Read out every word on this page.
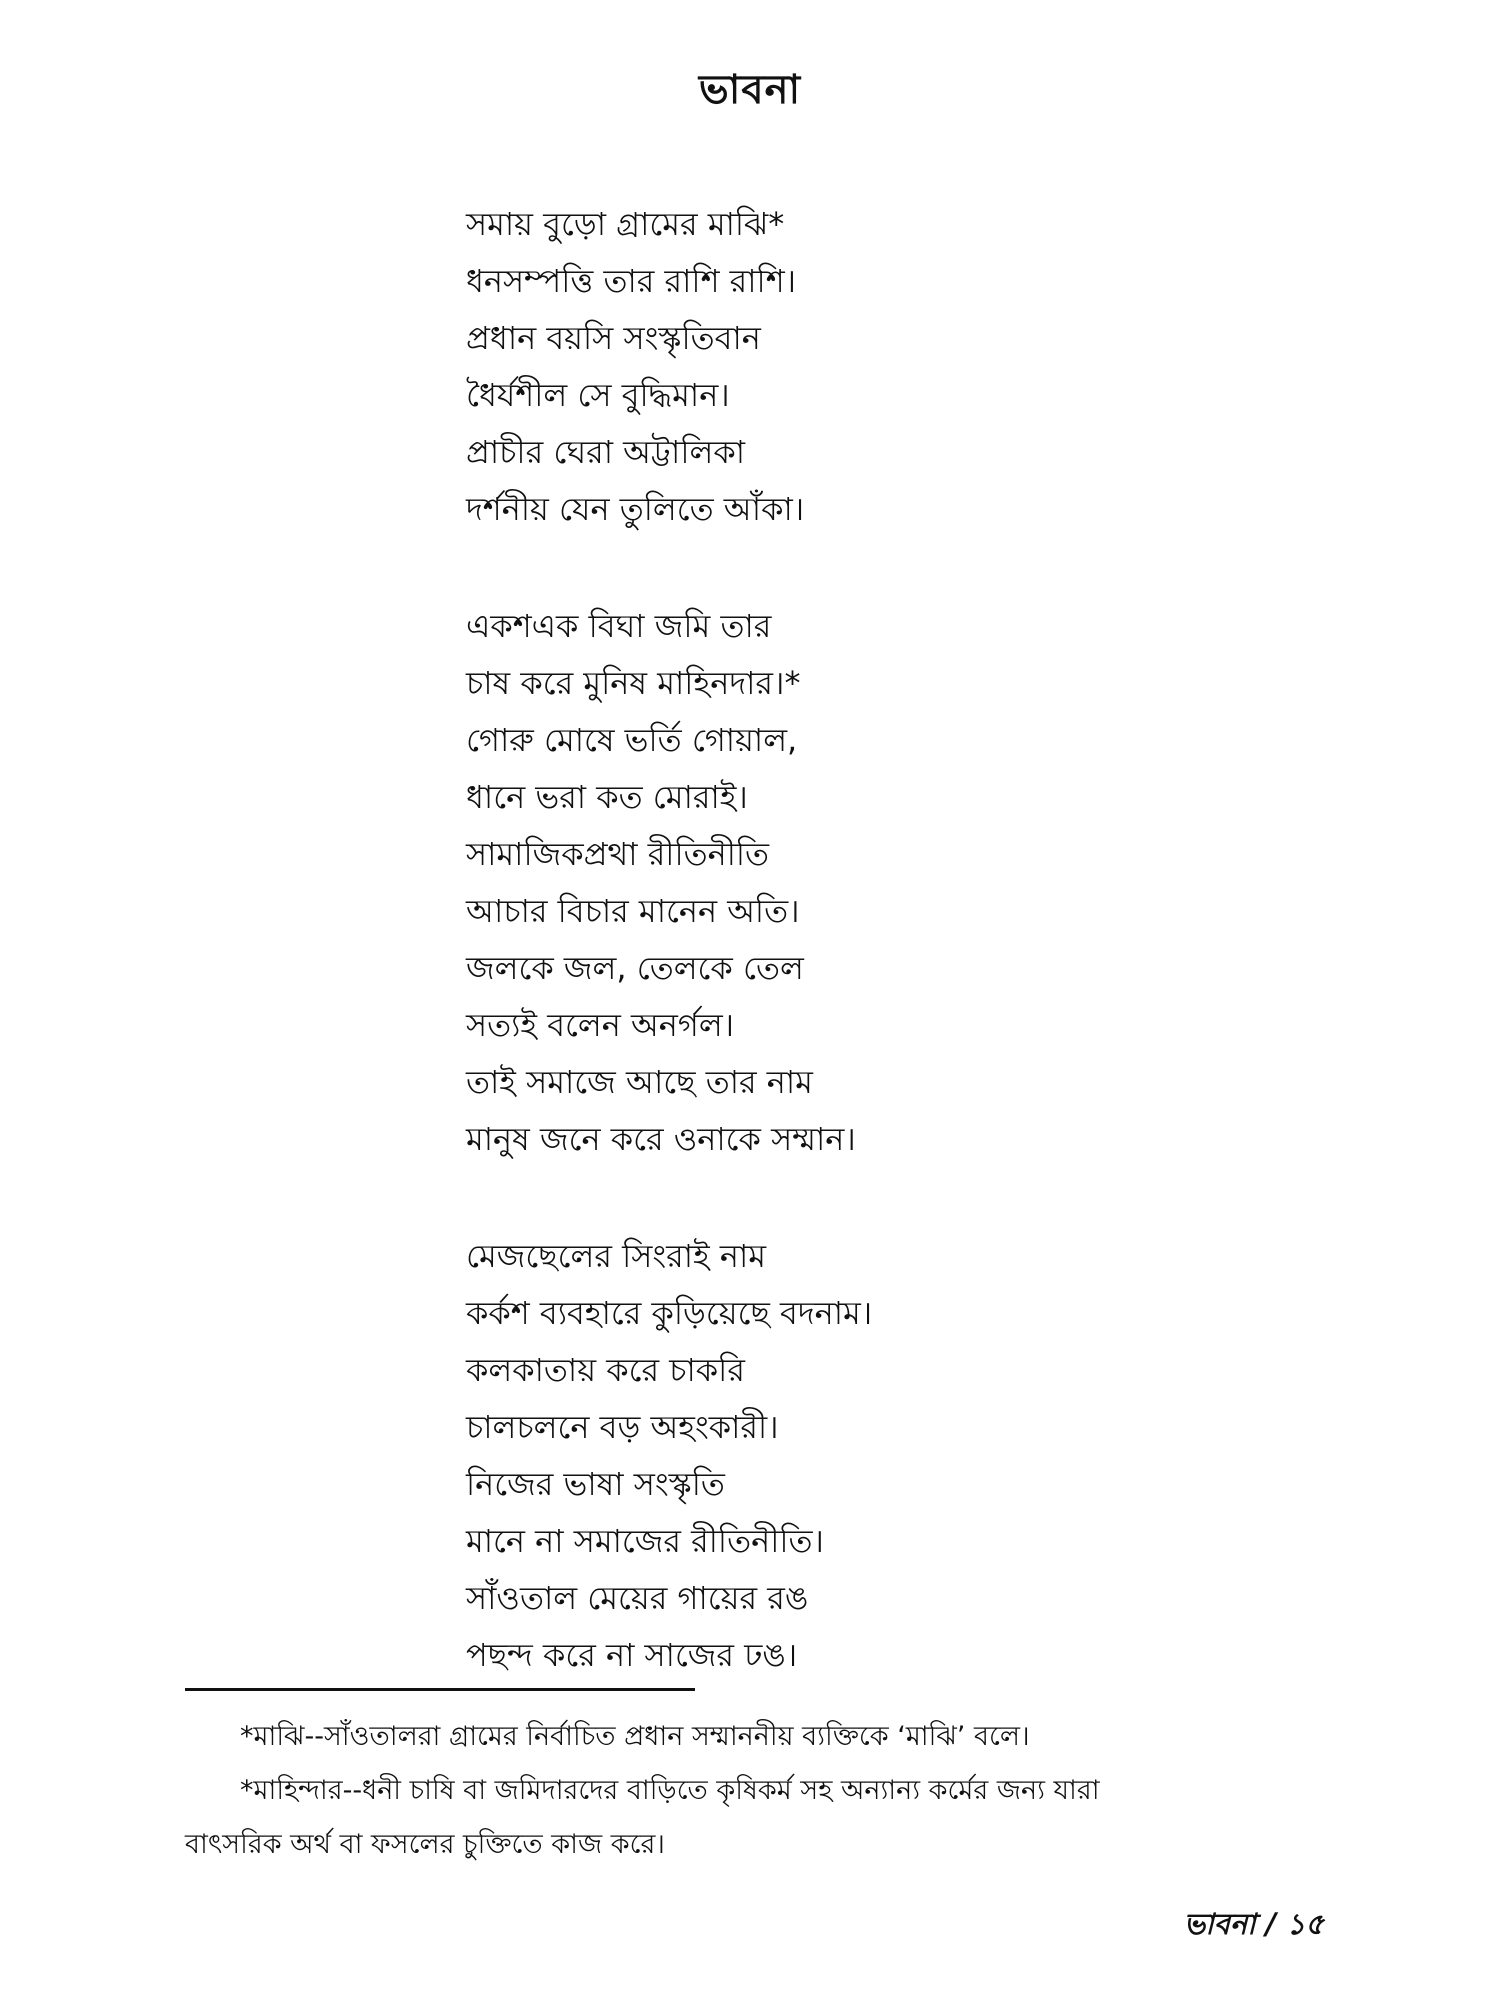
ভাবনা
সমায় বুড়ো গ্রামের মাঝি*
ধনসম্পত্তি তার রাশি রাশি।
প্রধান বয়সি সংস্কৃতিবান
ধৈর্যশীল সে বুদ্ধিমান।
প্রাচীর ঘেরা অট্টালিকা
দর্শনীয় যেন তুলিতে আঁকা।
একশএক বিঘা জমি তার
চাষ করে মুনিষ মাহিনদার।*
গোরু মোষে ভর্তি গোয়াল,
ধানে ভরা কত মোরাই।
সামাজিকপ্রথা রীতিনীতি
আচার বিচার মানেন অতি।
জলকে জল, তেলকে তেল
সত্যই বলেন অনর্গল।
তাই সমাজে আছে তার নাম
মানুষ জনে করে ওনাকে সম্মান।
মেজছেলের সিংরাই নাম
কর্কশ ব্যবহারে কুড়িয়েছে বদনাম।
কলকাতায় করে চাকরি
চালচলনে বড় অহংকারী।
নিজের ভাষা সংস্কৃতি
মানে না সমাজের রীতিনীতি।
সাঁওতাল মেয়ের গায়ের রঙ
পছন্দ করে না সাজের ঢঙ।
*মাঝি--সাঁওতালরা গ্রামের নির্বাচিত প্রধান সম্মাননীয় ব্যক্তিকে ‘মাঝি’ বলে।
*মাহিন্দার--ধনী চাষি বা জমিদারদের বাড়িতে কৃষিকর্ম সহ অন্যান্য কর্মের জন্য যারা
বাৎসরিক অর্থ বা ফসলের চুক্তিতে কাজ করে।
ভাবনা / ১৫
